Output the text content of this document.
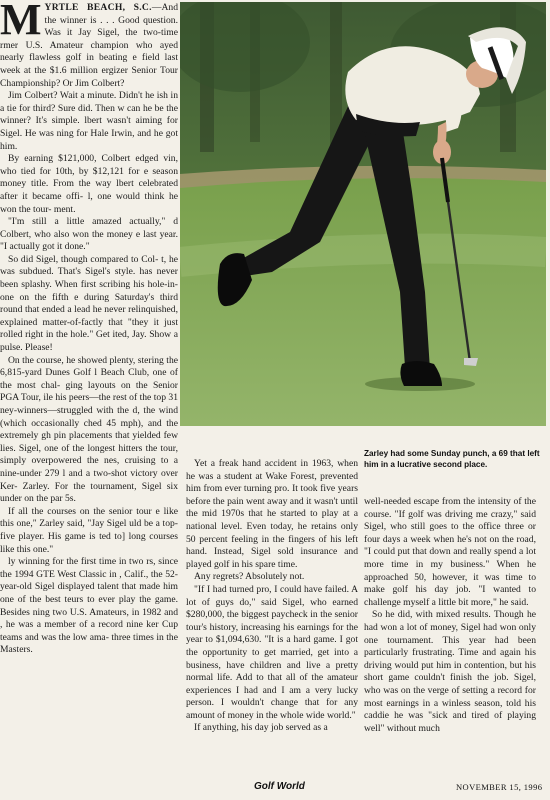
MYRTLE BEACH, S.C.—And the winner is . . . Good question. Was it Jay Sigel, the two-time rmer U.S. Amateur champion who ayed nearly flawless golf in beating e field last week at the $1.6 million ergizer Senior Tour Championship? Or Jim Colbert?

Jim Colbert? Wait a minute. Didn't he ish in a tie for third? Sure did. Then w can he be the winner? It's simple. lbert wasn't aiming for Sigel. He was ning for Hale Irwin, and he got him.

By earning $121,000, Colbert edged vin, who tied for 10th, by $12,121 for e season money title. From the way lbert celebrated after it became offi- l, one would think he won the tour- ment.

"I'm still a little amazed actually," d Colbert, who also won the money e last year. "I actually got it done."

So did Sigel, though compared to Col- t, he was subdued. That's Sigel's style. has never been splashy. When first scribing his hole-in-one on the fifth e during Saturday's third round that ended a lead he never relinquished, explained matter-of-factly that "they it just rolled right in the hole." Get ited, Jay. Show a pulse. Please!

On the course, he showed plenty, stering the 6,815-yard Dunes Golf l Beach Club, one of the most chal- ging layouts on the Senior PGA Tour, ile his peers—the rest of the top 31 ney-winners—struggled with the d, the wind (which occasionally ched 45 mph), and the extremely gh pin placements that yielded few lies. Sigel, one of the longest hitters the tour, simply overpowered the nes, cruising to a nine-under 279 l and a two-shot victory over Ker- Zarley. For the tournament, Sigel six under on the par 5s.

If all the courses on the senior tour e like this one," Zarley said, "Jay Sigel uld be a top-five player. His game is ted to] long courses like this one."

ly winning for the first time in two rs, since the 1994 GTE West Classic in , Calif., the 52-year-old Sigel displayed talent that made him one of the best teurs to ever play the game. Besides ning two U.S. Amateurs, in 1982 and , he was a member of a record nine ker Cup teams and was the low ama- three times in the Masters.

Zarley had some Sunday punch, a 69 that left him in a lucrative second place.

Yet a freak hand accident in 1963, when he was a student at Wake Forest, prevented him from ever turning pro. It took five years before the pain went away and it wasn't until the mid 1970s that he started to play at a national level. Even today, he retains only 50 percent feeling in the fingers of his left hand. Instead, Sigel sold insurance and played golf in his spare time.

Any regrets? Absolutely not.

"If I had turned pro, I could have failed. A lot of guys do," said Sigel, who earned $280,000, the biggest paycheck in the senior tour's history, increasing his earnings for the year to $1,094,630. "It is a hard game. I got the opportunity to get married, get into a business, have children and live a pretty normal life. Add to that all of the amateur experiences I had and I am a very lucky person. I wouldn't change that for any amount of money in the whole wide world."

If anything, his day job served as a

well-needed escape from the intensity of the course. "If golf was driving me crazy," said Sigel, who still goes to the office three or four days a week when he's not on the road, "I could put that down and really spend a lot more time in my business." When he approached 50, however, it was time to make golf his day job. "I wanted to challenge myself a little bit more," he said.

So he did, with mixed results. Though he had won a lot of money, Sigel had won only one tournament. This year had been particularly frustrating. Time and again his driving would put him in contention, but his short game couldn't finish the job. Sigel, who was on the verge of setting a record for most earnings in a winless season, told his caddie he was "sick and tired of playing well" without much

Golf World	NOVEMBER 15, 1996
